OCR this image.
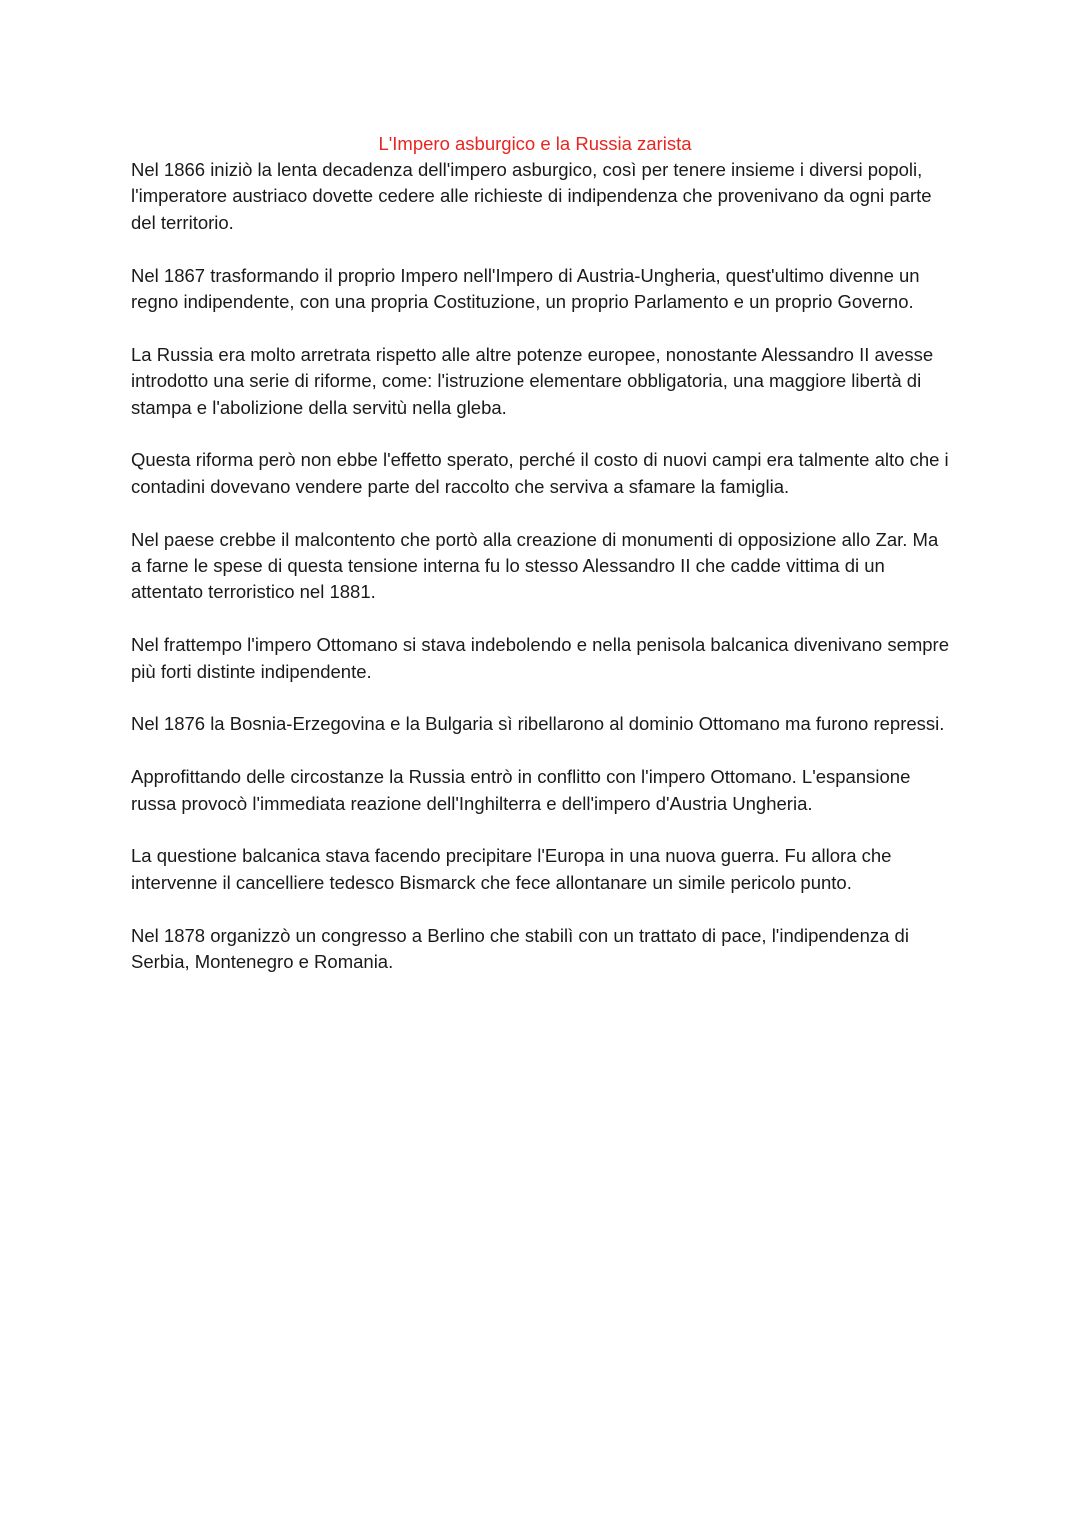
L'Impero asburgico e la Russia zarista

Nel 1866 iniziò la lenta decadenza dell'impero asburgico, così per tenere insieme i diversi popoli, l'imperatore austriaco dovette cedere alle richieste di indipendenza che provenivano da ogni parte del territorio.

Nel 1867 trasformando il proprio Impero nell'Impero di Austria-Ungheria, quest'ultimo divenne un regno indipendente, con una propria Costituzione, un proprio Parlamento e un proprio Governo.

La Russia era molto arretrata rispetto alle altre potenze europee, nonostante Alessandro II avesse introdotto una serie di riforme, come: l'istruzione elementare obbligatoria, una maggiore libertà di stampa e l'abolizione della servitù nella gleba.

Questa riforma però non ebbe l'effetto sperato, perché il costo di nuovi campi era talmente alto che i contadini dovevano vendere parte del raccolto che serviva a sfamare la famiglia.

Nel paese crebbe il malcontento che portò alla creazione di monumenti di opposizione allo Zar. Ma a farne le spese di questa tensione interna fu lo stesso Alessandro II che cadde vittima di un attentato terroristico nel 1881.

Nel frattempo l'impero Ottomano si stava indebolendo e nella penisola balcanica divenivano sempre più forti distinte indipendente.

Nel 1876 la Bosnia-Erzegovina e la Bulgaria sì ribellarono al dominio Ottomano ma furono repressi.

Approfittando delle circostanze la Russia entrò in conflitto con l'impero Ottomano. L'espansione russa provocò l'immediata reazione dell'Inghilterra e dell'impero d'Austria Ungheria.

La questione balcanica stava facendo precipitare l'Europa in una nuova guerra. Fu allora che intervenne il cancelliere tedesco Bismarck che fece allontanare un simile pericolo punto.

Nel 1878 organizzò un congresso a Berlino che stabilì con un trattato di pace, l'indipendenza di Serbia, Montenegro e Romania.
